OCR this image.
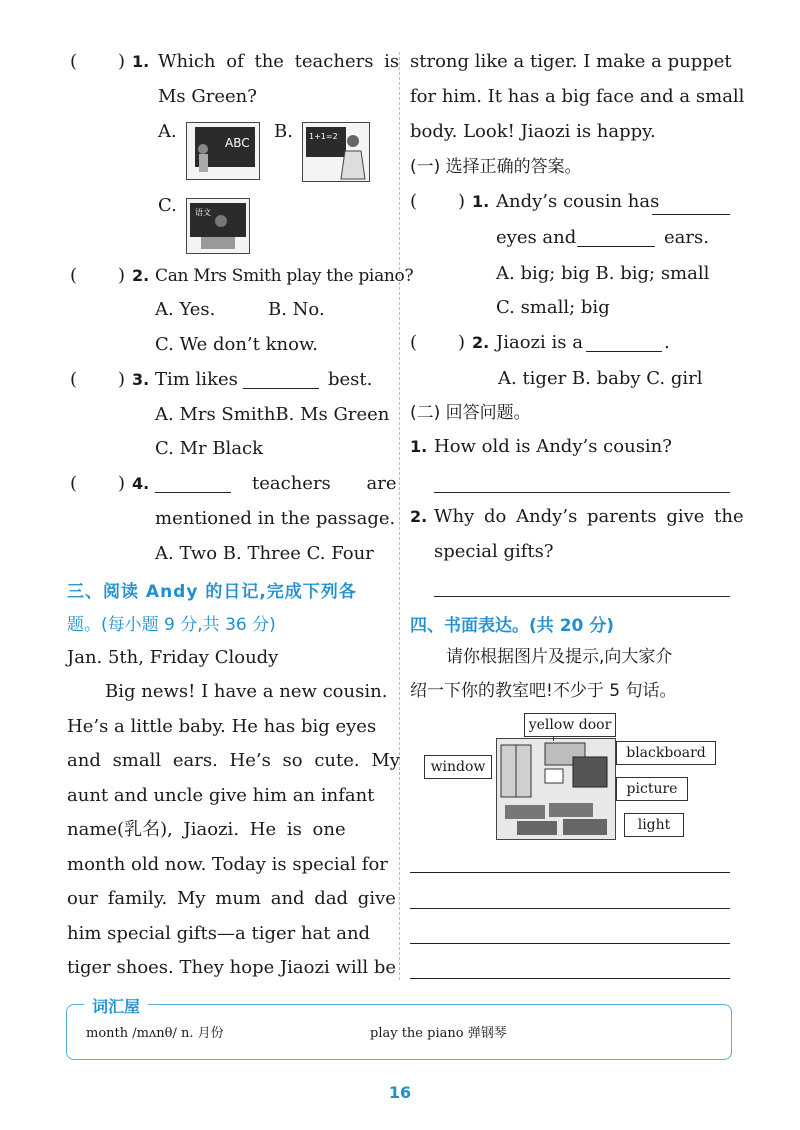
( ) 1. Which of the teachers is
Ms Green?
A.
ABC
B. 1+1=2
C. 语文
( ) 2. Can Mrs Smith play the piano?
A. Yes.	B. No.
C. We don’t know.
( ) 3. Tim likes	best.
A. Mrs SmithB. Ms Green
C. Mr Black
( ) 4.	teachers are
mentioned in the passage.
A. Two B. Three C. Four
三、阅读 Andy 的日记,完成下列各
题。(每小题 9 分,共 36 分)
Jan. 5th, Friday Cloudy
Big news! I have a new cousin.
He’s a little baby. He has big eyes
and small ears. He’s so cute. My
aunt and uncle give him an infant
name(乳名), Jiaozi. He is one
month old now. Today is special for
our family. My mum and dad give
him special gifts—a tiger hat and
tiger shoes. They hope Jiaozi will be
strong like a tiger. I make a puppet
for him. It has a big face and a small
body. Look! Jiaozi is happy.
(一) 选择正确的答案。
( ) 1. Andy’s cousin has
eyes and	ears.
A. big; big B. big; small
C. small; big
( ) 2. Jiaozi is a	.
A. tiger B. baby C. girl
(二) 回答问题。
1. How old is Andy’s cousin?
2. Why do Andy’s parents give the
special gifts?
四、书面表达。(共 20 分)
请你根据图片及提示,向大家介
绍一下你的教室吧!不少于 5 句话。
yellow door
window
blackboard
picture
light
词汇屋
month /mʌnθ/ n. 月份	play the piano 弹钢琴
16
